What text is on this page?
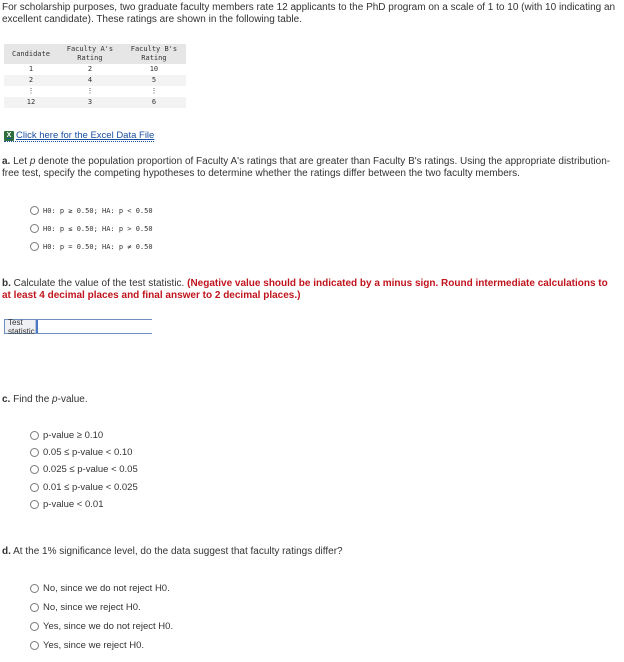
For scholarship purposes, two graduate faculty members rate 12 applicants to the PhD program on a scale of 1 to 10 (with 10 indicating an excellent candidate). These ratings are shown in the following table.
Candidate	Faculty A's Rating	Faculty B's Rating
1	2	10
2	4	5
⋮	⋮	⋮
12	3	6
X Click here for the Excel Data File
a. Let p denote the population proportion of Faculty A's ratings that are greater than Faculty B's ratings. Using the appropriate distribution-free test, specify the competing hypotheses to determine whether the ratings differ between the two faculty members.
H0: p ≥ 0.50; HA: p < 0.50
H0: p ≤ 0.50; HA: p > 0.50
H0: p = 0.50; HA: p ≠ 0.50
b. Calculate the value of the test statistic. (Negative value should be indicated by a minus sign. Round intermediate calculations to at least 4 decimal places and final answer to 2 decimal places.)
Test statistic
c. Find the p-value.
p-value ≥ 0.10
0.05 ≤ p-value < 0.10
0.025 ≤ p-value < 0.05
0.01 ≤ p-value < 0.025
p-value < 0.01
d. At the 1% significance level, do the data suggest that faculty ratings differ?
No, since we do not reject H0.
No, since we reject H0.
Yes, since we do not reject H0.
Yes, since we reject H0.
